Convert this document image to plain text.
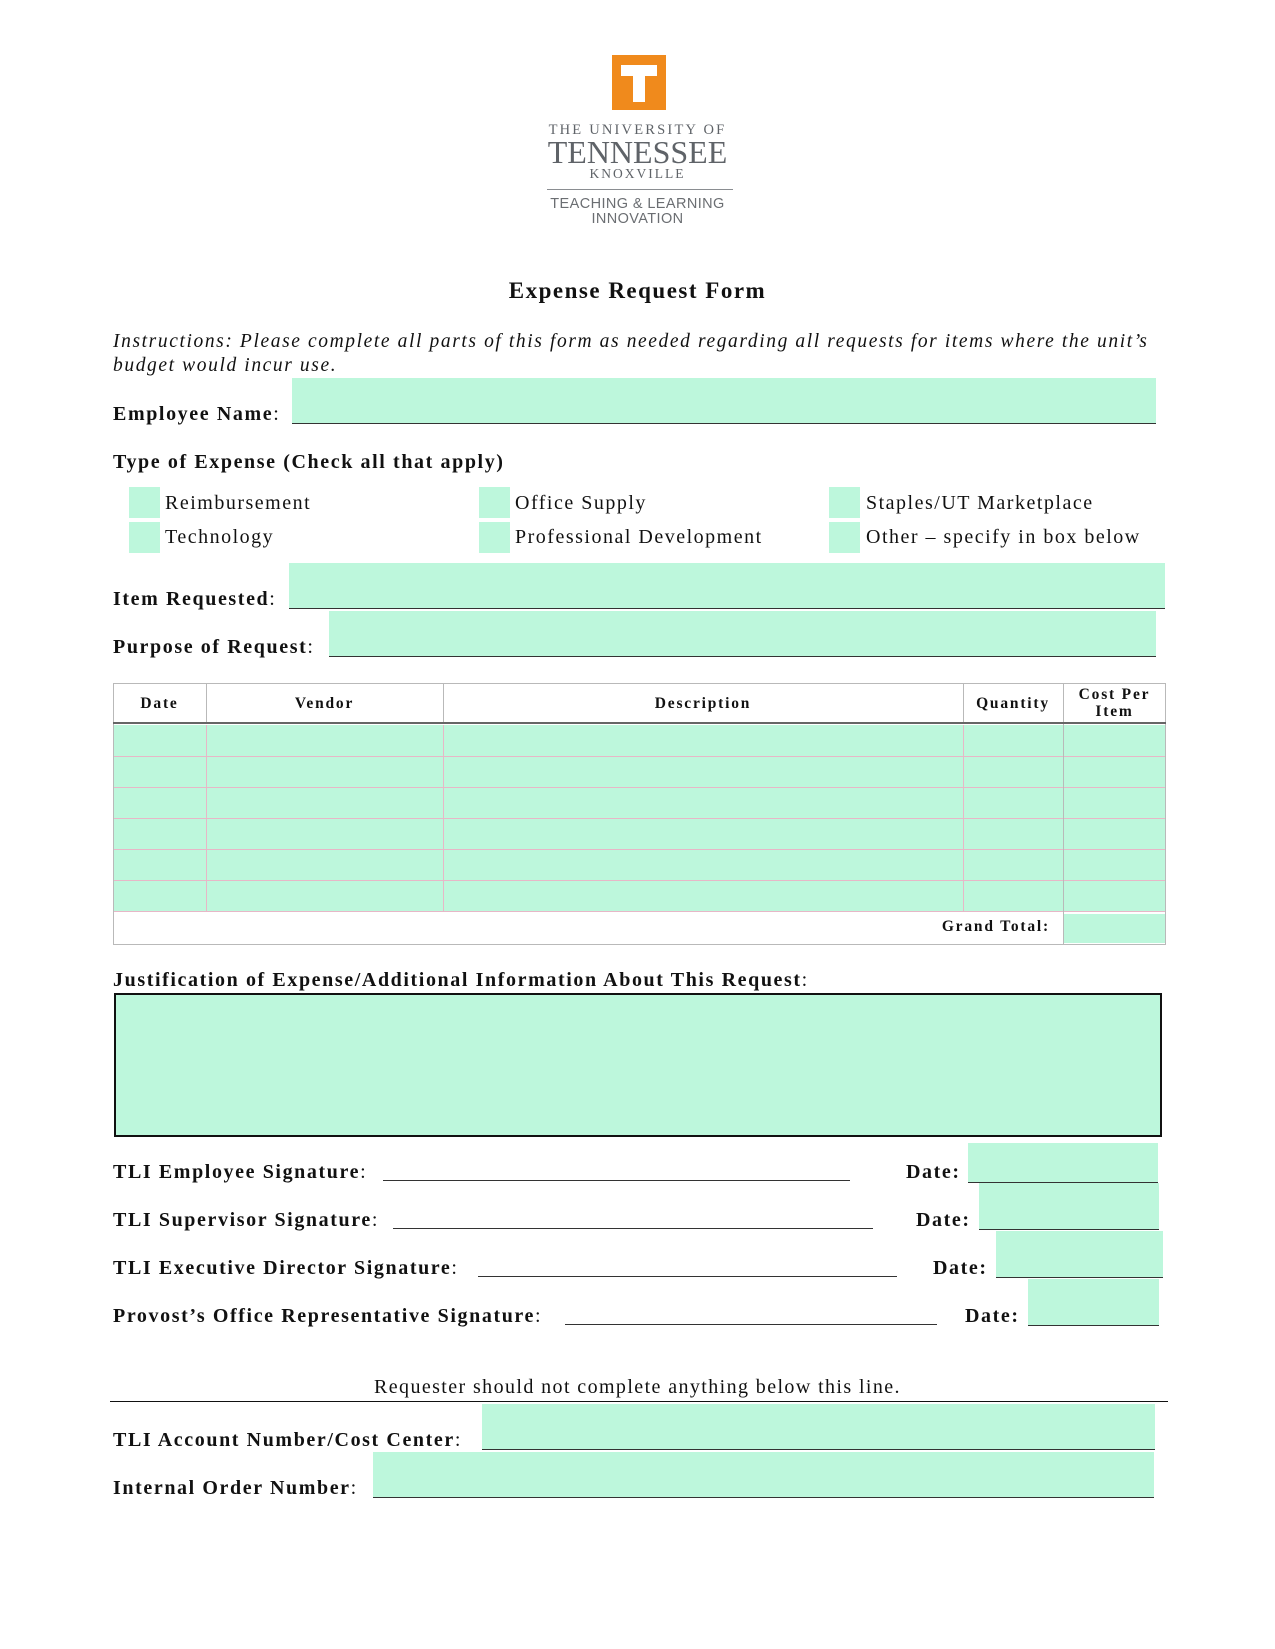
THE UNIVERSITY OF
TENNESSEE
KNOXVILLE
TEACHING & LEARNING
INNOVATION
Expense Request Form
Instructions: Please complete all parts of this form as needed regarding all requests for items where the unit’s budget would incur use.
Employee Name:
Type of Expense (Check all that apply)
Reimbursement	Office Supply	Staples/UT Marketplace
Technology	Professional Development	Other – specify in box below
Item Requested:
Purpose of Request:
Date	Vendor	Description	Quantity	Cost Per Item
Grand Total:
Justification of Expense/Additional Information About This Request:
TLI Employee Signature:	Date:
TLI Supervisor Signature:	Date:
TLI Executive Director Signature:	Date:
Provost’s Office Representative Signature:	Date:
Requester should not complete anything below this line.
TLI Account Number/Cost Center:
Internal Order Number:
